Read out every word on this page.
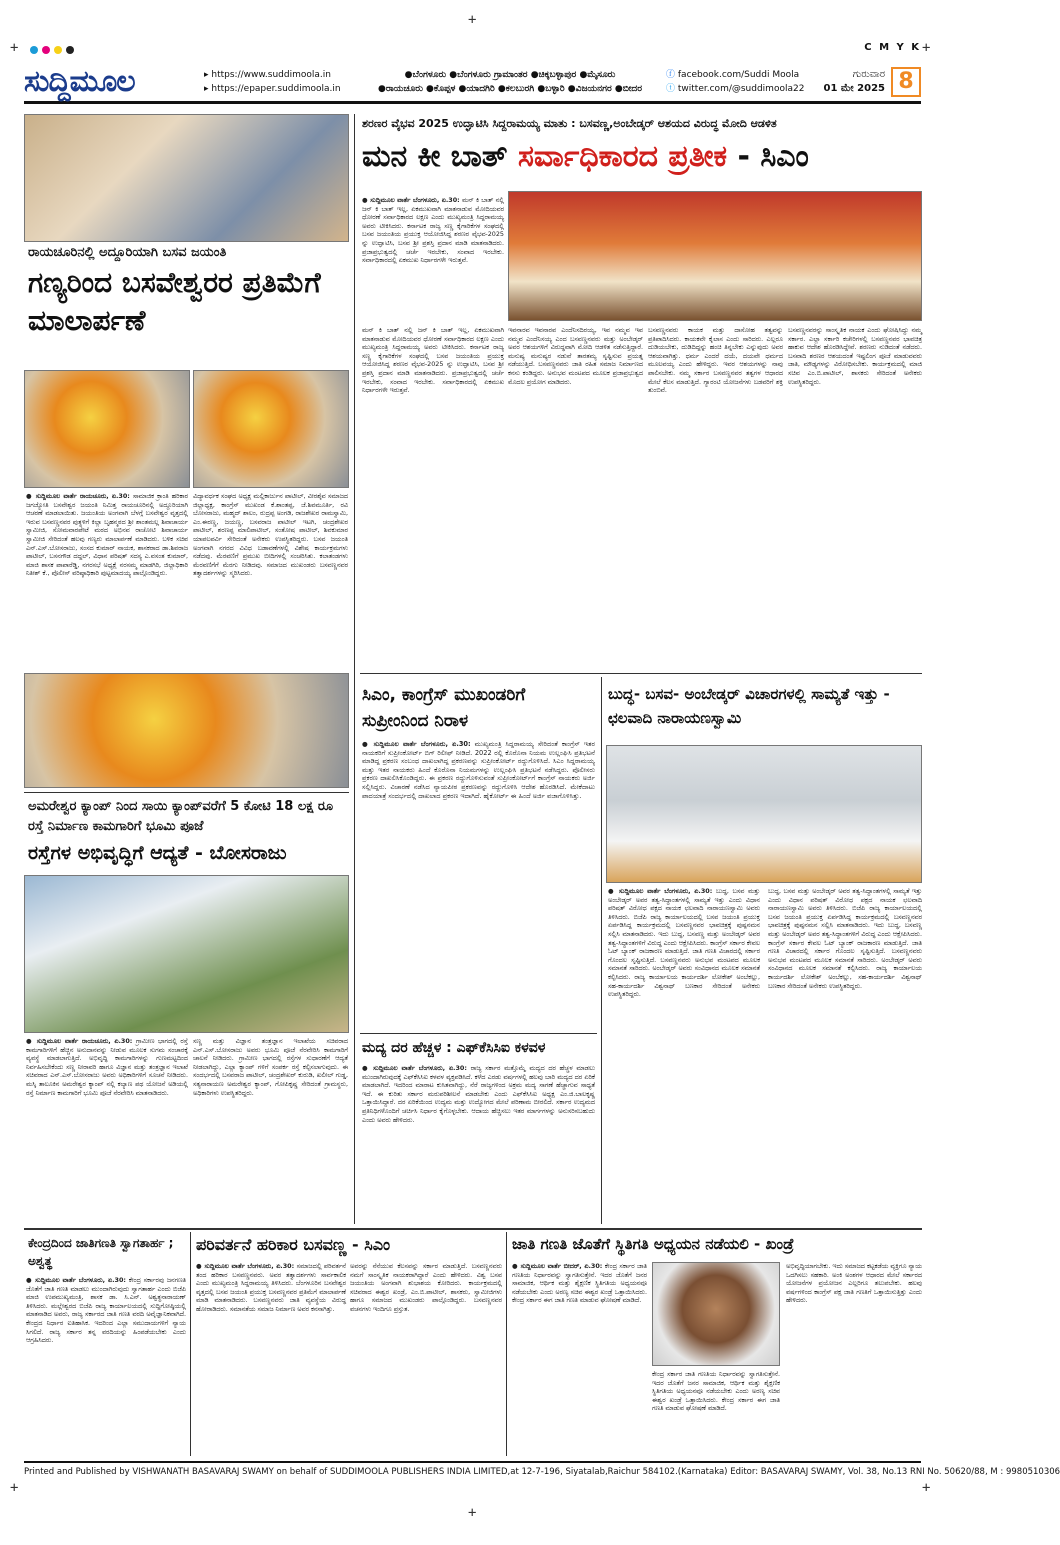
+
+	+
+	+
+
C M Y K
ಸುದ್ದಿಮೂಲ	▸ https://www.suddimoola.in
▸ https://epaper.suddimoola.in
●ಬೆಂಗಳೂರು ●ಬೆಂಗಳೂರು ಗ್ರಾಮಾಂತರ ●ಚಿಕ್ಕಬಳ್ಳಾಪುರ ●ಮೈಸೂರು
●ರಾಯಚೂರು ●ಕೊಪ್ಪಳ ●ಯಾದಗಿರಿ ●ಕಲಬುರಗಿ ●ಬಳ್ಳಾರಿ ●ವಿಜಯನಗರ ●ಬೀದರ
ⓕ facebook.com/Suddi Moola
ⓣ twitter.com/@suddimoola22
ಗುರುವಾರ
01 ಮೇ 2025 8
ರಾಯಚೂರಿನಲ್ಲಿ ಅದ್ದೂರಿಯಾಗಿ ಬಸವ ಜಯಂತಿ
ಗಣ್ಯರಿಂದ ಬಸವೇಶ್ವರರ ಪ್ರತಿಮೆಗೆ ಮಾಲಾರ್ಪಣೆ
● ಸುದ್ದಿಮೂಲ ವಾರ್ತೆ ರಾಯಚೂರು, ಏ.30: ಸಾಮಾಜಿಕ ಕ್ರಾಂತಿ ಹರಿಕಾರ ಜಗಜ್ಯೋತಿ ಬಸವೇಶ್ವರ ಜಯಂತಿ ನಿಮಿತ್ತ ರಾಯಚೂರಿನಲ್ಲಿ ಅದ್ದೂರಿಯಾಗಿ ಆಚರಣೆ ಮಾಡಲಾಯಿತು. ಜಯಂತಿಯ ಅಂಗವಾಗಿ ಬೆಳಗ್ಗೆ ಬಸವೇಶ್ವರ ವೃತ್ತದಲ್ಲಿ ಇರುವ ಬಸವಣ್ಣನವರ ಪುತ್ಥಳಿಗೆ ಕಿಲ್ಲಾ ಬೃಹನ್ಮಠದ ಶ್ರೀ ಶಾಂತಮಲ್ಲ ಶಿವಾಚಾರ್ಯ ಸ್ವಾಮೀಜಿ, ಸೋಮವಾರಪೇಟೆ ಮಠದ ಅಭಿನವ ರಾಚೋಟಿ ಶಿವಾಚಾರ್ಯ ಸ್ವಾಮೀಜಿ ಸೇರಿದಂತೆ ಹಲವು ಗಣ್ಯರು ಮಾಲಾರ್ಪಣೆ ಮಾಡಿದರು. ಬಳಿಕ ಸಚಿವ ಎನ್.ಎಸ್.ಬೋಸರಾಜು, ಸಂಸದ ಕುಮಾರ್ ನಾಯಕ, ಶಾಸಕರಾದ ಡಾ.ಶಿವರಾಜ ಪಾಟೀಲ್, ಬಸನಗೌಡ ದದ್ದಲ್, ವಿಧಾನ ಪರಿಷತ್ ಸದಸ್ಯ ಎ.ವಸಂತ ಕುಮಾರ್, ಮಾಜಿ ಶಾಸಕ ಪಾಪಾರೆಡ್ಡಿ, ನಗರಸಭೆ ಅಧ್ಯಕ್ಷೆ ನರಸಮ್ಮ ಮಾಡಗಿರಿ, ಜಿಲ್ಲಾಧಿಕಾರಿ ನಿತೀಶ್ ಕೆ., ಪೊಲೀಸ್ ವರಿಷ್ಠಾಧಿಕಾರಿ ಪುಟ್ಟಮಾದಯ್ಯ ಪಾಲ್ಗೊಂಡಿದ್ದರು.
ವಿದ್ಯಾವರ್ಧಕ ಸಂಘದ ಅಧ್ಯಕ್ಷ ಮಲ್ಲಿಕಾರ್ಜುನ ಪಾಟೀಲ್, ವೀರಶೈವ ಸಮಾಜದ ಜಿಲ್ಲಾಧ್ಯಕ್ಷ, ಕಾಂಗ್ರೆಸ್ ಮುಖಂಡ ಕೆ.ಶಾಂತಪ್ಪ, ಜೆ.ಶಿವಮೂರ್ತಿ, ರವಿ ಬೋಸರಾಜು, ಮಹ್ಮದ್ ಶಾಲಂ, ರುದ್ರಪ್ಪ ಅಂಗಡಿ, ರಾಜಶೇಖರ ರಾಮಸ್ವಾಮಿ, ಎಂ.ಈರಣ್ಣ, ಜಯಣ್ಣ, ಬಸವರಾಜ ಪಾಟೀಲ್ ಇಟಗಿ, ಚಂದ್ರಶೇಖರ ಪಾಟೀಲ್, ಶರಣಪ್ಪ ಮಾಲಿಪಾಟೀಲ್, ಸಂತೋಷ ಪಾಟೀಲ್, ಶಿವಕುಮಾರ ಯಾಪಲಪರ್ವಿ ಸೇರಿದಂತೆ ಅನೇಕರು ಉಪಸ್ಥಿತರಿದ್ದರು. ಬಸವ ಜಯಂತಿ ಅಂಗವಾಗಿ ನಗರದ ವಿವಿಧ ಬಡಾವಣೆಗಳಲ್ಲಿ ವಿಶೇಷ ಕಾರ್ಯಕ್ರಮಗಳು ನಡೆದವು. ಮೆರವಣಿಗೆ ಪ್ರಮುಖ ಬೀದಿಗಳಲ್ಲಿ ಸಂಚರಿಸಿತು. ಕಲಾತಂಡಗಳು ಮೆರವಣಿಗೆಗೆ ಮೆರಗು ನೀಡಿದವು. ಸಮಾಜದ ಮುಖಂಡರು ಬಸವಣ್ಣನವರ ತತ್ವಾದರ್ಶಗಳನ್ನು ಸ್ಮರಿಸಿದರು.
ಅಮರೇಶ್ವರ ಕ್ಯಾಂಪ್ ನಿಂದ ಸಾಯಿ ಕ್ಯಾಂಪ್‌ವರೆಗೆ 5 ಕೋಟಿ 18 ಲಕ್ಷ ರೂ ರಸ್ತೆ ನಿರ್ಮಾಣ ಕಾಮಗಾರಿಗೆ ಭೂಮಿ ಪೂಜೆ
ರಸ್ತೆಗಳ ಅಭಿವೃದ್ಧಿಗೆ ಆದ್ಯತೆ - ಬೋಸರಾಜು
● ಸುದ್ದಿಮೂಲ ವಾರ್ತೆ ರಾಯಚೂರು, ಏ.30: ಗ್ರಾಮೀಣ ಭಾಗದಲ್ಲಿ ರಸ್ತೆ ಕಾಮಗಾರಿಗಳಿಗೆ ಹೆಚ್ಚಿನ ಅನುದಾನವನ್ನು ನೀಡುವ ಮೂಲಕ ಸುಗಮ ಸಂಚಾರಕ್ಕೆ ವ್ಯವಸ್ಥೆ ಮಾಡಲಾಗುತ್ತಿದೆ. ಅಭಿವೃದ್ಧಿ ಕಾಮಗಾರಿಗಳನ್ನು ಗುಣಮಟ್ಟದಿಂದ ನಿರ್ವಹಿಸಬೇಕೆಂದು ಸಣ್ಣ ನೀರಾವರಿ ಹಾಗೂ ವಿಜ್ಞಾನ ಮತ್ತು ತಂತ್ರಜ್ಞಾನ ಇಲಾಖೆ ಸಚಿವರಾದ ಎನ್.ಎಸ್.ಬೋಸರಾಜು ಅವರು ಅಧಿಕಾರಿಗಳಿಗೆ ಸೂಚನೆ ನೀಡಿದರು. ಮಸ್ಕಿ ತಾಲೂಕಿನ ಅಮರೇಶ್ವರ ಕ್ಯಾಂಪ್ ನಲ್ಲಿ ಕಲ್ಯಾಣ ಪಥ ಯೋಜನೆ ಅಡಿಯಲ್ಲಿ ರಸ್ತೆ ನಿರ್ಮಾಣ ಕಾಮಗಾರಿಗೆ ಭೂಮಿ ಪೂಜೆ ನೆರವೇರಿಸಿ ಮಾತನಾಡಿದರು.
ಸಣ್ಣ ಮತ್ತು ವಿಜ್ಞಾನ ತಂತ್ರಜ್ಞಾನ ಇಲಾಖೆಯ ಸಚಿವರಾದ ಎನ್.ಎಸ್.ಬೋಸರಾಜು ಅವರು ಭೂಮಿ ಪೂಜೆ ನೆರವೇರಿಸಿ ಕಾಮಗಾರಿಗೆ ಚಾಲನೆ ನೀಡಿದರು. ಗ್ರಾಮೀಣ ಭಾಗದಲ್ಲಿ ರಸ್ತೆಗಳ ಸುಧಾರಣೆಗೆ ಆದ್ಯತೆ ನೀಡಲಾಗಿದ್ದು, ಎಲ್ಲಾ ಕ್ಯಾಂಪ್ ಗಳಿಗೆ ಸಂಪರ್ಕ ರಸ್ತೆ ಕಲ್ಪಿಸಲಾಗುವುದು. ಈ ಸಂದರ್ಭದಲ್ಲಿ ಬಸವರಾಜ ಪಾಟೀಲ್, ಚಂದ್ರಶೇಖರ್ ಕುರುಡಿ, ಖಲೀಲ್ ಗುಡ್ಡ, ಸತ್ಯನಾರಾಯಣ ಅಮರೇಶ್ವರ ಕ್ಯಾಂಪ್, ಗೋಪಿಕೃಷ್ಣ ಸೇರಿದಂತೆ ಗ್ರಾಮಸ್ಥರು, ಅಧಿಕಾರಿಗಳು ಉಪಸ್ಥಿತರಿದ್ದರು.
ಶರಣರ ವೈಭವ 2025 ಉದ್ಘಾಟಿಸಿ ಸಿದ್ದರಾಮಯ್ಯ ಮಾತು : ಬಸವಣ್ಣ,ಅಂಬೇಡ್ಕರ್ ಆಶಯದ ವಿರುದ್ಧ ಮೋದಿ ಆಡಳಿತ
ಮನ ಕೀ ಬಾತ್ ಸರ್ವಾಧಿಕಾರದ ಪ್ರತೀಕ - ಸಿಎಂ
● ಸುದ್ದಿಮೂಲ ವಾರ್ತೆ ಬೆಂಗಳೂರು, ಏ.30: ಮನ್ ಕಿ ಬಾತ್ ನಲ್ಲಿ ಜನ್ ಕಿ ಬಾತ್ ಇಲ್ಲ, ಏಕಮುಖವಾಗಿ ಮಾತನಾಡುವ ಮೋದಿಯವರ ಧೋರಣೆ ಸರ್ವಾಧಿಕಾರದ ಲಕ್ಷಣ ಎಂದು ಮುಖ್ಯಮಂತ್ರಿ ಸಿದ್ದರಾಮಯ್ಯ ಅವರು ಟೀಕಿಸಿದರು. ಕರ್ನಾಟಕ ರಾಜ್ಯ ಸಣ್ಣ ಕೈಗಾರಿಕೆಗಳ ಸಂಘದಲ್ಲಿ ಬಸವ ಜಯಂತಿಯ ಪ್ರಯುಕ್ತ ಆಯೋಜಿಸಿದ್ದ ಶರಣರ ವೈಭವ-2025 ನ್ನು ಉದ್ಘಾಟಿಸಿ, ಬಸವ ಶ್ರೀ ಪ್ರಶಸ್ತಿ ಪ್ರದಾನ ಮಾಡಿ ಮಾತನಾಡಿದರು. ಪ್ರಜಾಪ್ರಭುತ್ವದಲ್ಲಿ ಚರ್ಚೆ ಇರಬೇಕು, ಸಂವಾದ ಇರಬೇಕು. ಸರ್ವಾಧಿಕಾರದಲ್ಲಿ ಏಕಮುಖ ನಿರ್ಧಾರಗಳೇ ಇರುತ್ತವೆ.
ಮನ್ ಕಿ ಬಾತ್ ನಲ್ಲಿ ಜನ್ ಕಿ ಬಾತ್ ಇಲ್ಲ, ಏಕಮುಖವಾಗಿ ಮಾತನಾಡುವ ಮೋದಿಯವರ ಧೋರಣೆ ಸರ್ವಾಧಿಕಾರದ ಲಕ್ಷಣ ಎಂದು ಮುಖ್ಯಮಂತ್ರಿ ಸಿದ್ದರಾಮಯ್ಯ ಅವರು ಟೀಕಿಸಿದರು. ಕರ್ನಾಟಕ ರಾಜ್ಯ ಸಣ್ಣ ಕೈಗಾರಿಕೆಗಳ ಸಂಘದಲ್ಲಿ ಬಸವ ಜಯಂತಿಯ ಪ್ರಯುಕ್ತ ಆಯೋಜಿಸಿದ್ದ ಶರಣರ ವೈಭವ-2025 ನ್ನು ಉದ್ಘಾಟಿಸಿ, ಬಸವ ಶ್ರೀ ಪ್ರಶಸ್ತಿ ಪ್ರದಾನ ಮಾಡಿ ಮಾತನಾಡಿದರು. ಪ್ರಜಾಪ್ರಭುತ್ವದಲ್ಲಿ ಚರ್ಚೆ ಇರಬೇಕು, ಸಂವಾದ ಇರಬೇಕು. ಸರ್ವಾಧಿಕಾರದಲ್ಲಿ ಏಕಮುಖ ನಿರ್ಧಾರಗಳೇ ಇರುತ್ತವೆ.
ಇವನಾರವ ಇವನಾರವ ಎಂದೆನಿಸದಿರಯ್ಯ, ಇವ ನಮ್ಮವ ಇವ ನಮ್ಮವ ಎಂದೆನಿಸಯ್ಯ ಎಂದ ಬಸವಣ್ಣನವರು ಮತ್ತು ಅಂಬೇಡ್ಕರ್ ಅವರ ಆಶಯಗಳಿಗೆ ವಿರುದ್ಧವಾಗಿ ಮೋದಿ ಆಡಳಿತ ನಡೆಸುತ್ತಿದ್ದಾರೆ. ಮನುಷ್ಯ ಮನುಷ್ಯರ ನಡುವೆ ತಾರತಮ್ಯ ಸೃಷ್ಟಿಸುವ ಪ್ರಯತ್ನ ನಡೆಯುತ್ತಿದೆ. ಬಸವಣ್ಣನವರು ಜಾತಿ ರಹಿತ ಸಮಾಜ ನಿರ್ಮಾಣದ ಕನಸು ಕಂಡಿದ್ದರು. ಅನುಭವ ಮಂಟಪದ ಮೂಲಕ ಪ್ರಜಾಪ್ರಭುತ್ವದ ಮೊದಲ ಪ್ರಯೋಗ ಮಾಡಿದರು.
ಬಸವಣ್ಣನವರು ಕಾಯಕ ಮತ್ತು ದಾಸೋಹ ತತ್ವವನ್ನು ಪ್ರತಿಪಾದಿಸಿದರು. ಕಾಯಕವೇ ಕೈಲಾಸ ಎಂದು ಸಾರಿದರು. ಎಲ್ಲರೂ ದುಡಿಯಬೇಕು, ದುಡಿದಿದ್ದನ್ನು ಹಂಚಿ ತಿನ್ನಬೇಕು ಎನ್ನುವುದು ಅವರ ಆಶಯವಾಗಿತ್ತು. ಧರ್ಮ ಎಂದರೆ ದಯೆ, ದಯವೇ ಧರ್ಮದ ಮೂಲವಯ್ಯ ಎಂದು ಹೇಳಿದ್ದರು. ಇವರ ಆಶಯಗಳನ್ನು ನಾವು ಪಾಲಿಸಬೇಕು. ನಮ್ಮ ಸರ್ಕಾರ ಬಸವಣ್ಣನವರ ತತ್ವಗಳ ಆಧಾರದ ಮೇಲೆ ಕೆಲಸ ಮಾಡುತ್ತಿದೆ. ಗ್ಯಾರಂಟಿ ಯೋಜನೆಗಳು ಬಡವರಿಗೆ ಶಕ್ತಿ ತುಂಬಿವೆ.
ಬಸವಣ್ಣನವರನ್ನು ಸಾಂಸ್ಕೃತಿಕ ನಾಯಕ ಎಂದು ಘೋಷಿಸಿದ್ದು ನಮ್ಮ ಸರ್ಕಾರ. ಎಲ್ಲಾ ಸರ್ಕಾರಿ ಕಚೇರಿಗಳಲ್ಲಿ ಬಸವಣ್ಣನವರ ಭಾವಚಿತ್ರ ಹಾಕುವ ಆದೇಶ ಹೊರಡಿಸಿದ್ದೇವೆ. ಶರಣರು ನುಡಿದಂತೆ ನಡೆದರು. ಬಸವಾದಿ ಶರಣರ ಆಶಯದಂತೆ ಇಷ್ಟಲಿಂಗ ಪೂಜೆ ಮಾಡುವವರು ಜಾತಿ, ಮೌಢ್ಯಗಳನ್ನು ವಿರೋಧಿಸಬೇಕು. ಕಾರ್ಯಕ್ರಮದಲ್ಲಿ ಮಾಜಿ ಸಚಿವ ಎಂ.ಬಿ.ಪಾಟೀಲ್, ಶಾಸಕರು ಸೇರಿದಂತೆ ಅನೇಕರು ಉಪಸ್ಥಿತರಿದ್ದರು.
ಸಿಎಂ, ಕಾಂಗ್ರೆಸ್ ಮುಖಂಡರಿಗೆ ಸುಪ್ರೀಂನಿಂದ ನಿರಾಳ
● ಸುದ್ದಿಮೂಲ ವಾರ್ತೆ ಬೆಂಗಳೂರು, ಏ.30: ಮುಖ್ಯಮಂತ್ರಿ ಸಿದ್ದರಾಮಯ್ಯ ಸೇರಿದಂತೆ ಕಾಂಗ್ರೆಸ್ ಇತರ ನಾಯಕರಿಗೆ ಸುಪ್ರೀಂಕೋರ್ಟ್ ಬಿಗ್ ರಿಲೀಫ್ ನೀಡಿದೆ. 2022 ರಲ್ಲಿ ಕೊರೊನಾ ನಿಯಮ ಉಲ್ಲಂಘಿಸಿ ಪ್ರತಿಭಟನೆ ಮಾಡಿದ್ದ ಪ್ರಕರಣ ಸಂಬಂಧ ದಾಖಲಾಗಿದ್ದ ಪ್ರಕರಣವನ್ನು ಸುಪ್ರೀಂಕೋರ್ಟ್ ರದ್ದುಗೊಳಿಸಿದೆ. ಸಿಎಂ ಸಿದ್ದರಾಮಯ್ಯ ಮತ್ತು ಇತರ ನಾಯಕರು ಹಿಂದೆ ಕೊರೊನಾ ನಿಯಮಗಳನ್ನು ಉಲ್ಲಂಘಿಸಿ ಪ್ರತಿಭಟನೆ ನಡೆಸಿದ್ದರು. ಪೊಲೀಸರು ಪ್ರಕರಣ ದಾಖಲಿಸಿಕೊಂಡಿದ್ದರು. ಈ ಪ್ರಕರಣ ರದ್ದುಗೊಳಿಸುವಂತೆ ಸುಪ್ರೀಂಕೋರ್ಟ್‌ಗೆ ಕಾಂಗ್ರೆಸ್ ನಾಯಕರು ಅರ್ಜಿ ಸಲ್ಲಿಸಿದ್ದರು. ವಿಚಾರಣೆ ನಡೆಸಿದ ನ್ಯಾಯಪೀಠ ಪ್ರಕರಣವನ್ನು ರದ್ದುಗೊಳಿಸಿ ಆದೇಶ ಹೊರಡಿಸಿದೆ. ಮೇಕೆದಾಟು ಪಾದಯಾತ್ರೆ ಸಂದರ್ಭದಲ್ಲಿ ದಾಖಲಾದ ಪ್ರಕರಣ ಇದಾಗಿದೆ. ಹೈಕೋರ್ಟ್ ಈ ಹಿಂದೆ ಅರ್ಜಿ ವಜಾಗೊಳಿಸಿತ್ತು.
ಮದ್ಯ ದರ ಹೆಚ್ಚಳ : ಎಫ್‌ಕೆಸಿಸಿಐ ಕಳವಳ
● ಸುದ್ದಿಮೂಲ ವಾರ್ತೆ ಬೆಂಗಳೂರು, ಏ.30: ರಾಜ್ಯ ಸರ್ಕಾರ ಮತ್ತೊಮ್ಮೆ ಮದ್ಯದ ದರ ಹೆಚ್ಚಳ ಮಾಡಲು ಮುಂದಾಗಿರುವುದಕ್ಕೆ ಎಫ್‌ಕೆಸಿಸಿಐ ಕಳವಳ ವ್ಯಕ್ತಪಡಿಸಿದೆ. ಕಳೆದ ಎರಡು ವರ್ಷಗಳಲ್ಲಿ ಹಲವು ಬಾರಿ ಮದ್ಯದ ದರ ಏರಿಕೆ ಮಾಡಲಾಗಿದೆ. ಇದರಿಂದ ಮಾರಾಟ ಕುಸಿತವಾಗಿದ್ದು, ನೆರೆ ರಾಜ್ಯಗಳಿಂದ ಅಕ್ರಮ ಮದ್ಯ ಸಾಗಣೆ ಹೆಚ್ಚಾಗುವ ಸಾಧ್ಯತೆ ಇದೆ. ಈ ಕುರಿತು ಸರ್ಕಾರ ಮರುಪರಿಶೀಲನೆ ಮಾಡಬೇಕು ಎಂದು ಎಫ್‌ಕೆಸಿಸಿಐ ಅಧ್ಯಕ್ಷ ಎಂ.ಜಿ.ಬಾಲಕೃಷ್ಣ ಒತ್ತಾಯಿಸಿದ್ದಾರೆ. ದರ ಏರಿಕೆಯಿಂದ ಉದ್ಯಮ ಮತ್ತು ಉದ್ಯೋಗದ ಮೇಲೆ ಪರಿಣಾಮ ಬೀರಲಿದೆ. ಸರ್ಕಾರ ಉದ್ಯಮದ ಪ್ರತಿನಿಧಿಗಳೊಂದಿಗೆ ಚರ್ಚಿಸಿ ನಿರ್ಧಾರ ಕೈಗೊಳ್ಳಬೇಕು. ಆದಾಯ ಹೆಚ್ಚಿಸಲು ಇತರ ಮಾರ್ಗಗಳನ್ನು ಅನುಸರಿಸಬಹುದು ಎಂದು ಅವರು ಹೇಳಿದರು.
ಬುದ್ಧ- ಬಸವ- ಅಂಬೇಡ್ಕರ್ ವಿಚಾರಗಳಲ್ಲಿ ಸಾಮ್ಯತೆ ಇತ್ತು - ಛಲವಾದಿ ನಾರಾಯಣಸ್ವಾಮಿ
● ಸುದ್ದಿಮೂಲ ವಾರ್ತೆ ಬೆಂಗಳೂರು, ಏ.30: ಬುದ್ಧ, ಬಸವ ಮತ್ತು ಅಂಬೇಡ್ಕರ್ ಅವರ ತತ್ವ-ಸಿದ್ಧಾಂತಗಳಲ್ಲಿ ಸಾಮ್ಯತೆ ಇತ್ತು ಎಂದು ವಿಧಾನ ಪರಿಷತ್ ವಿರೋಧ ಪಕ್ಷದ ನಾಯಕ ಛಲವಾದಿ ನಾರಾಯಣಸ್ವಾಮಿ ಅವರು ತಿಳಿಸಿದರು. ಬಿಜೆಪಿ ರಾಜ್ಯ ಕಾರ್ಯಾಲಯದಲ್ಲಿ ಬಸವ ಜಯಂತಿ ಪ್ರಯುಕ್ತ ಏರ್ಪಡಿಸಿದ್ದ ಕಾರ್ಯಕ್ರಮದಲ್ಲಿ ಬಸವಣ್ಣನವರ ಭಾವಚಿತ್ರಕ್ಕೆ ಪುಷ್ಪನಮನ ಸಲ್ಲಿಸಿ ಮಾತನಾಡಿದರು. ಇದು ಬುದ್ಧ, ಬಸವಣ್ಣ ಮತ್ತು ಅಂಬೇಡ್ಕರ್ ಅವರ ತತ್ವ-ಸಿದ್ಧಾಂತಗಳಿಗೆ ವಿರುದ್ಧ ಎಂದು ಆಕ್ಷೇಪಿಸಿದರು. ಕಾಂಗ್ರೆಸ್ ಸರ್ಕಾರ ಕೇವಲ ಓಟ್ ಬ್ಯಾಂಕ್ ರಾಜಕಾರಣ ಮಾಡುತ್ತಿದೆ. ಜಾತಿ ಗಣತಿ ವಿಚಾರದಲ್ಲಿ ಸರ್ಕಾರ ಗೊಂದಲ ಸೃಷ್ಟಿಸುತ್ತಿದೆ. ಬಸವಣ್ಣನವರು ಅನುಭವ ಮಂಟಪದ ಮೂಲಕ ಸಮಾನತೆ ಸಾರಿದರು. ಅಂಬೇಡ್ಕರ್ ಅವರು ಸಂವಿಧಾನದ ಮೂಲಕ ಸಮಾನತೆ ಕಲ್ಪಿಸಿದರು. ರಾಜ್ಯ ಕಾರ್ಯಾಲಯ ಕಾರ್ಯದರ್ಶಿ ಲೋಕೇಶ್ ಅಂಬೆಕಲ್ಲು, ಸಹ-ಕಾರ್ಯದರ್ಶಿ ವಿಶ್ವನಾಥ್ ಬಣಕಾರ ಸೇರಿದಂತೆ ಅನೇಕರು ಉಪಸ್ಥಿತರಿದ್ದರು.
ಬುದ್ಧ, ಬಸವ ಮತ್ತು ಅಂಬೇಡ್ಕರ್ ಅವರ ತತ್ವ-ಸಿದ್ಧಾಂತಗಳಲ್ಲಿ ಸಾಮ್ಯತೆ ಇತ್ತು ಎಂದು ವಿಧಾನ ಪರಿಷತ್ ವಿರೋಧ ಪಕ್ಷದ ನಾಯಕ ಛಲವಾದಿ ನಾರಾಯಣಸ್ವಾಮಿ ಅವರು ತಿಳಿಸಿದರು. ಬಿಜೆಪಿ ರಾಜ್ಯ ಕಾರ್ಯಾಲಯದಲ್ಲಿ ಬಸವ ಜಯಂತಿ ಪ್ರಯುಕ್ತ ಏರ್ಪಡಿಸಿದ್ದ ಕಾರ್ಯಕ್ರಮದಲ್ಲಿ ಬಸವಣ್ಣನವರ ಭಾವಚಿತ್ರಕ್ಕೆ ಪುಷ್ಪನಮನ ಸಲ್ಲಿಸಿ ಮಾತನಾಡಿದರು. ಇದು ಬುದ್ಧ, ಬಸವಣ್ಣ ಮತ್ತು ಅಂಬೇಡ್ಕರ್ ಅವರ ತತ್ವ-ಸಿದ್ಧಾಂತಗಳಿಗೆ ವಿರುದ್ಧ ಎಂದು ಆಕ್ಷೇಪಿಸಿದರು. ಕಾಂಗ್ರೆಸ್ ಸರ್ಕಾರ ಕೇವಲ ಓಟ್ ಬ್ಯಾಂಕ್ ರಾಜಕಾರಣ ಮಾಡುತ್ತಿದೆ. ಜಾತಿ ಗಣತಿ ವಿಚಾರದಲ್ಲಿ ಸರ್ಕಾರ ಗೊಂದಲ ಸೃಷ್ಟಿಸುತ್ತಿದೆ. ಬಸವಣ್ಣನವರು ಅನುಭವ ಮಂಟಪದ ಮೂಲಕ ಸಮಾನತೆ ಸಾರಿದರು. ಅಂಬೇಡ್ಕರ್ ಅವರು ಸಂವಿಧಾನದ ಮೂಲಕ ಸಮಾನತೆ ಕಲ್ಪಿಸಿದರು. ರಾಜ್ಯ ಕಾರ್ಯಾಲಯ ಕಾರ್ಯದರ್ಶಿ ಲೋಕೇಶ್ ಅಂಬೆಕಲ್ಲು, ಸಹ-ಕಾರ್ಯದರ್ಶಿ ವಿಶ್ವನಾಥ್ ಬಣಕಾರ ಸೇರಿದಂತೆ ಅನೇಕರು ಉಪಸ್ಥಿತರಿದ್ದರು.
ಕೇಂದ್ರದಿಂದ ಜಾತಿಗಣತಿ ಸ್ವಾಗತಾರ್ಹ ; ಅಶ್ವತ್ಥ
● ಸುದ್ದಿಮೂಲ ವಾರ್ತೆ ಬೆಂಗಳೂರು, ಏ.30: ಕೇಂದ್ರ ಸರ್ಕಾರವು ಜನಗಣತಿ ಜೊತೆಗೆ ಜಾತಿ ಗಣತಿ ಮಾಡಲು ಮುಂದಾಗಿರುವುದು ಸ್ವಾಗತಾರ್ಹ ಎಂದು ಬಿಜೆಪಿ ಮಾಜಿ ಉಪಮುಖ್ಯಮಂತ್ರಿ, ಶಾಸಕ ಡಾ. ಸಿ.ಎನ್. ಅಶ್ವತ್ಥನಾರಾಯಣ್ ತಿಳಿಸಿದರು. ಮಲ್ಲೇಶ್ವರದ ಬಿಜೆಪಿ ರಾಜ್ಯ ಕಾರ್ಯಾಲಯದಲ್ಲಿ ಸುದ್ದಿಗೋಷ್ಠಿಯಲ್ಲಿ ಮಾತನಾಡಿದ ಅವರು, ರಾಜ್ಯ ಸರ್ಕಾರದ ಜಾತಿ ಗಣತಿ ವರದಿ ಅವೈಜ್ಞಾನಿಕವಾಗಿದೆ. ಕೇಂದ್ರದ ನಿರ್ಧಾರ ಐತಿಹಾಸಿಕ. ಇದರಿಂದ ಎಲ್ಲಾ ಸಮುದಾಯಗಳಿಗೆ ನ್ಯಾಯ ಸಿಗಲಿದೆ. ರಾಜ್ಯ ಸರ್ಕಾರ ತನ್ನ ವರದಿಯನ್ನು ಹಿಂಪಡೆಯಬೇಕು ಎಂದು ಆಗ್ರಹಿಸಿದರು.
ಪರಿವರ್ತನೆ ಹರಿಕಾರ ಬಸವಣ್ಣ - ಸಿಎಂ
● ಸುದ್ದಿಮೂಲ ವಾರ್ತೆ ಬೆಂಗಳೂರು, ಏ.30: ಸಮಾಜದಲ್ಲಿ ಪರಿವರ್ತನೆ ತಂದ ಹರಿಕಾರ ಬಸವಣ್ಣನವರು. ಅವರ ತತ್ವಾದರ್ಶಗಳು ಸಾರ್ವಕಾಲಿಕ ಎಂದು ಮುಖ್ಯಮಂತ್ರಿ ಸಿದ್ದರಾಮಯ್ಯ ತಿಳಿಸಿದರು. ಬೆಂಗಳೂರಿನ ಬಸವೇಶ್ವರ ವೃತ್ತದಲ್ಲಿ ಬಸವ ಜಯಂತಿ ಪ್ರಯುಕ್ತ ಬಸವಣ್ಣನವರ ಪ್ರತಿಮೆಗೆ ಮಾಲಾರ್ಪಣೆ ಮಾಡಿ ಮಾತನಾಡಿದರು. ಬಸವಣ್ಣನವರು ಜಾತಿ ವ್ಯವಸ್ಥೆಯ ವಿರುದ್ಧ ಹೋರಾಡಿದರು. ಸಮಾನತೆಯ ಸಮಾಜ ನಿರ್ಮಾಣ ಅವರ ಕನಸಾಗಿತ್ತು.
ಅವರನ್ನು ನೆನೆಯುವ ಕೆಲಸವನ್ನು ಸರ್ಕಾರ ಮಾಡುತ್ತಿದೆ. ಬಸವಣ್ಣನವರು ನಮಗೆ ಸಾಂಸ್ಕೃತಿಕ ನಾಯಕರಾಗಿದ್ದಾರೆ ಎಂದು ಹೇಳಿದರು. ವಿಶ್ವ ಬಸವ ಜಯಂತಿಯ ಅಂಗವಾಗಿ ಶುಭಾಶಯ ಕೋರಿದರು. ಕಾರ್ಯಕ್ರಮದಲ್ಲಿ ಸಚಿವರಾದ ಈಶ್ವರ ಖಂಡ್ರೆ, ಎಂ.ಬಿ.ಪಾಟೀಲ್, ಶಾಸಕರು, ಸ್ವಾಮೀಜಿಗಳು ಹಾಗೂ ಸಮಾಜದ ಮುಖಂಡರು ಪಾಲ್ಗೊಂಡಿದ್ದರು. ಬಸವಣ್ಣನವರ ವಚನಗಳು ಇಂದಿಗೂ ಪ್ರಸ್ತುತ.
ಜಾತಿ ಗಣತಿ ಜೊತೆಗೆ ಸ್ಥಿತಿಗತಿ ಅಧ್ಯಯನ ನಡೆಯಲಿ - ಖಂಡ್ರೆ
● ಸುದ್ದಿಮೂಲ ವಾರ್ತೆ ಬೀದರ್, ಏ.30: ಕೇಂದ್ರ ಸರ್ಕಾರ ಜಾತಿ ಗಣತಿಯ ನಿರ್ಧಾರವನ್ನು ಸ್ವಾಗತಿಸುತ್ತೇನೆ. ಇದರ ಜೊತೆಗೆ ಜನರ ಸಾಮಾಜಿಕ, ಆರ್ಥಿಕ ಮತ್ತು ಶೈಕ್ಷಣಿಕ ಸ್ಥಿತಿಗತಿಯ ಅಧ್ಯಯನವೂ ನಡೆಯಬೇಕು ಎಂದು ಅರಣ್ಯ ಸಚಿವ ಈಶ್ವರ ಖಂಡ್ರೆ ಒತ್ತಾಯಿಸಿದರು. ಕೇಂದ್ರ ಸರ್ಕಾರ ಈಗ ಜಾತಿ ಗಣತಿ ಮಾಡುವ ಘೋಷಣೆ ಮಾಡಿದೆ.
ಕೇಂದ್ರ ಸರ್ಕಾರ ಜಾತಿ ಗಣತಿಯ ನಿರ್ಧಾರವನ್ನು ಸ್ವಾಗತಿಸುತ್ತೇನೆ. ಇದರ ಜೊತೆಗೆ ಜನರ ಸಾಮಾಜಿಕ, ಆರ್ಥಿಕ ಮತ್ತು ಶೈಕ್ಷಣಿಕ ಸ್ಥಿತಿಗತಿಯ ಅಧ್ಯಯನವೂ ನಡೆಯಬೇಕು ಎಂದು ಅರಣ್ಯ ಸಚಿವ ಈಶ್ವರ ಖಂಡ್ರೆ ಒತ್ತಾಯಿಸಿದರು. ಕೇಂದ್ರ ಸರ್ಕಾರ ಈಗ ಜಾತಿ ಗಣತಿ ಮಾಡುವ ಘೋಷಣೆ ಮಾಡಿದೆ.
ಅಭಿವೃದ್ಧಿಯಾಗಬೇಕು. ಇದು ಸಮಾಜದ ಕಟ್ಟಕಡೆಯ ವ್ಯಕ್ತಿಗೂ ನ್ಯಾಯ ಒದಗಿಸಲು ಸಹಕಾರಿ. ಅಂಕಿ ಅಂಶಗಳ ಆಧಾರದ ಮೇಲೆ ಸರ್ಕಾರದ ಯೋಜನೆಗಳ ಪ್ರಯೋಜನ ಎಲ್ಲರಿಗೂ ತಲುಪಬೇಕು. ಹಲವು ವರ್ಷಗಳಿಂದ ಕಾಂಗ್ರೆಸ್ ಪಕ್ಷ ಜಾತಿ ಗಣತಿಗೆ ಒತ್ತಾಯಿಸುತ್ತಿತ್ತು ಎಂದು ಹೇಳಿದರು.
Printed and Published by VISHWANATH BASAVARAJ SWAMY on behalf of SUDDIMOOLA PUBLISHERS INDIA LIMITED,at 12-7-196, Siyatalab,Raichur 584102.(Karnataka) Editor: BASAVARAJ SWAMY, Vol. 38, No.13 RNI No. 50620/88, M : 9980510306
